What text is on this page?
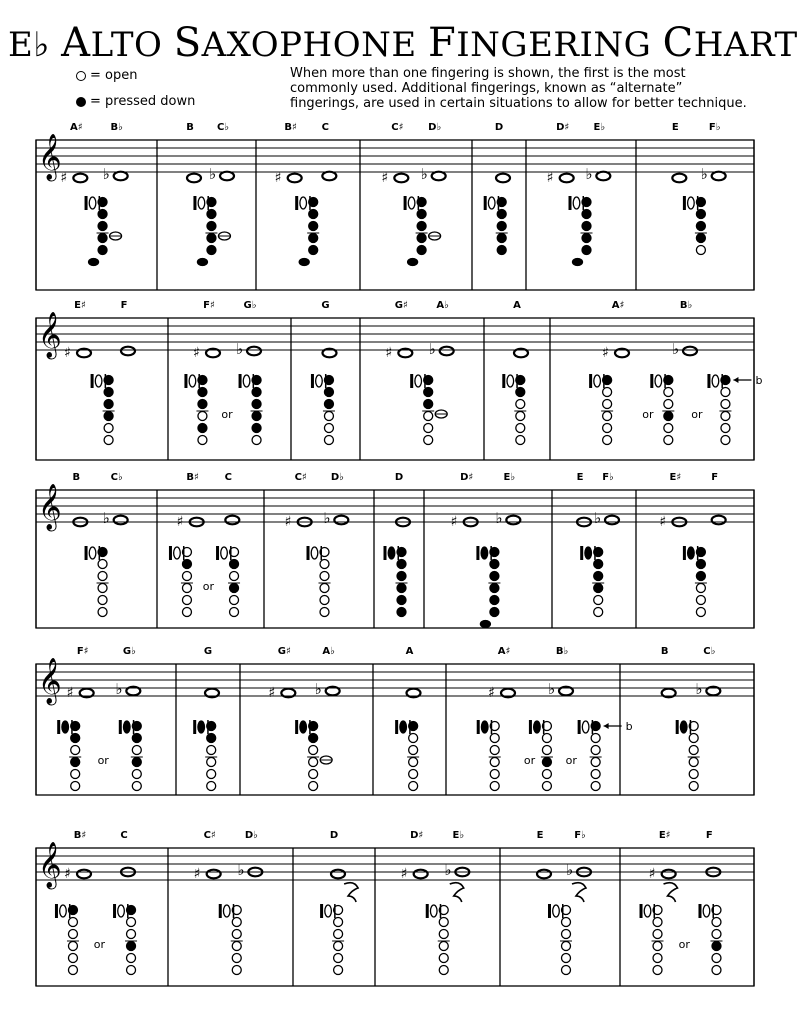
E♭ ALTO SAXOPHONE FINGERING CHART
= open
= pressed down
When more than one fingering is shown, the first is the most commonly used. Additional fingerings, known as “alternate” fingerings, are used in certain situations to allow for better technique.
𝄞
A♯
♯
B♭
♭
B C♭
♭
B♯
♯
C	C♯
♯
D♭
♭
D	D♯
♯
E♭
♭
E	F♭
♭
𝄞
E♯
♯
F	F♯
♯
G♭
♭
or
G	G♯
♯
A♭
♭
A	A♯
♯
B♭
♭
or	or
b
𝄞
B	C♭
♭
B♯
♯
C
or
C♯
♯
D♭
♭
D	D♯
♯
E♭
♭
E F♭
♭
E♯
♯
F
𝄞
F♯
♯
G♭
♭
or
G	G♯
♯
A♭
♭
A	A♯
♯
B♭
♭
or	or
b
B	C♭
♭
𝄞
B♯
♯
C
or
C♯
♯
D♭
♭
D	D♯
♯
E♭
♭
E	F♭
♭
E♯
♯
F
or
